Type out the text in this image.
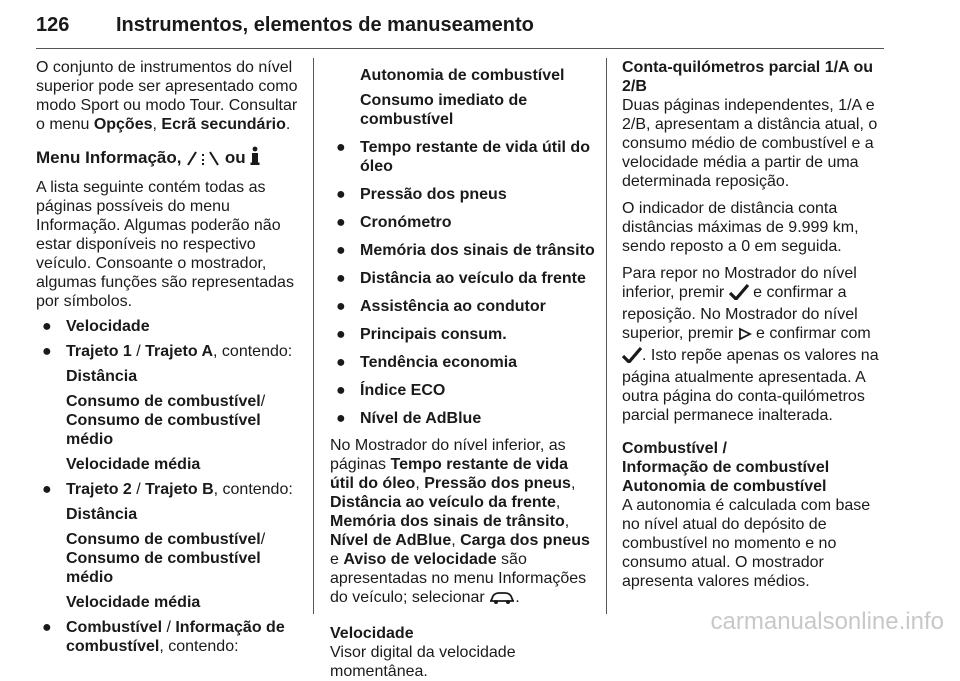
126 Instrumentos, elementos de manuseamento

O conjunto de instrumentos do nível superior pode ser apresentado como modo Sport ou modo Tour. Consultar o menu Opções, Ecrã secundário.

Menu Informação,  ou

A lista seguinte contém todas as páginas possíveis do menu Informação. Algumas poderão não estar disponíveis no respectivo veículo. Consoante o mostrador, algumas funções são representadas por símbolos.

● Velocidade
● Trajeto 1 / Trajeto A, contendo:

Distância

Consumo de combustível/
Consumo de combustível médio

Velocidade média

● Trajeto 2 / Trajeto B, contendo:

Distância

Consumo de combustível/
Consumo de combustível médio

Velocidade média

● Combustível / Informação de combustível, contendo:

Autonomia de combustível

Consumo imediato de combustível

● Tempo restante de vida útil do óleo
● Pressão dos pneus
● Cronómetro
● Memória dos sinais de trânsito
● Distância ao veículo da frente
● Assistência ao condutor
● Principais consum.
● Tendência economia
● Índice ECO
● Nível de AdBlue

No Mostrador do nível inferior, as páginas Tempo restante de vida útil do óleo, Pressão dos pneus, Distância ao veículo da frente, Memória dos sinais de trânsito, Nível de AdBlue, Carga dos pneus e Aviso de velocidade são apresentadas no menu Informações do veículo; selecionar .

Velocidade

Visor digital da velocidade momentânea.

Conta-quilómetros parcial 1/A ou 2/B

Duas páginas independentes, 1/A e 2/B, apresentam a distância atual, o consumo médio de combustível e a velocidade média a partir de uma determinada reposição.

O indicador de distância conta distâncias máximas de 9.999 km, sendo reposto a 0 em seguida.

Para repor no Mostrador do nível inferior, premir  e confirmar a reposição. No Mostrador do nível superior, premir  e confirmar com . Isto repõe apenas os valores na página atualmente apresentada. A outra página do conta-quilómetros parcial permanece inalterada.

Combustível /

Informação de combustível

Autonomia de combustível

A autonomia é calculada com base no nível atual do depósito de combustível no momento e no consumo atual. O mostrador apresenta valores médios.

carmanualsonline.info
